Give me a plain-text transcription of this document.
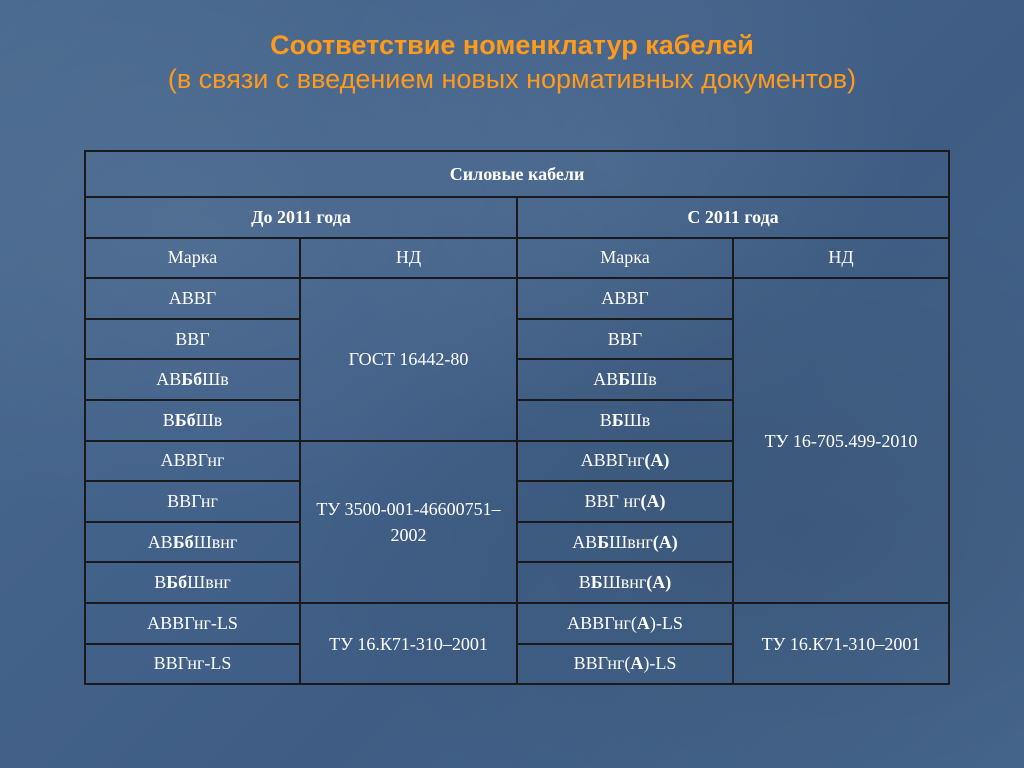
Соответствие номенклатур кабелей
(в связи с введением новых нормативных документов)
Силовые кабели			
До 2011 года		С 2011 года	
Марка	НД	Марка	НД
АВВГ	ГОСТ 16442-80	АВВГ	ТУ 16-705.499-2010
ВВГ		ВВГ	
АВБбШв		АВБШв	
ВБбШв		ВБШв	
АВВГнг	ТУ 3500-001-46600751–2002	АВВГнг(А)	
ВВГнг		ВВГ нг(А)	
АВБбШвнг		АВБШвнг(А)	
ВБбШвнг		ВБШвнг(А)	
АВВГнг-LS	ТУ 16.К71-310–2001	АВВГнг(А)-LS	ТУ 16.К71-310–2001
ВВГнг-LS		ВВГнг(А)-LS	
